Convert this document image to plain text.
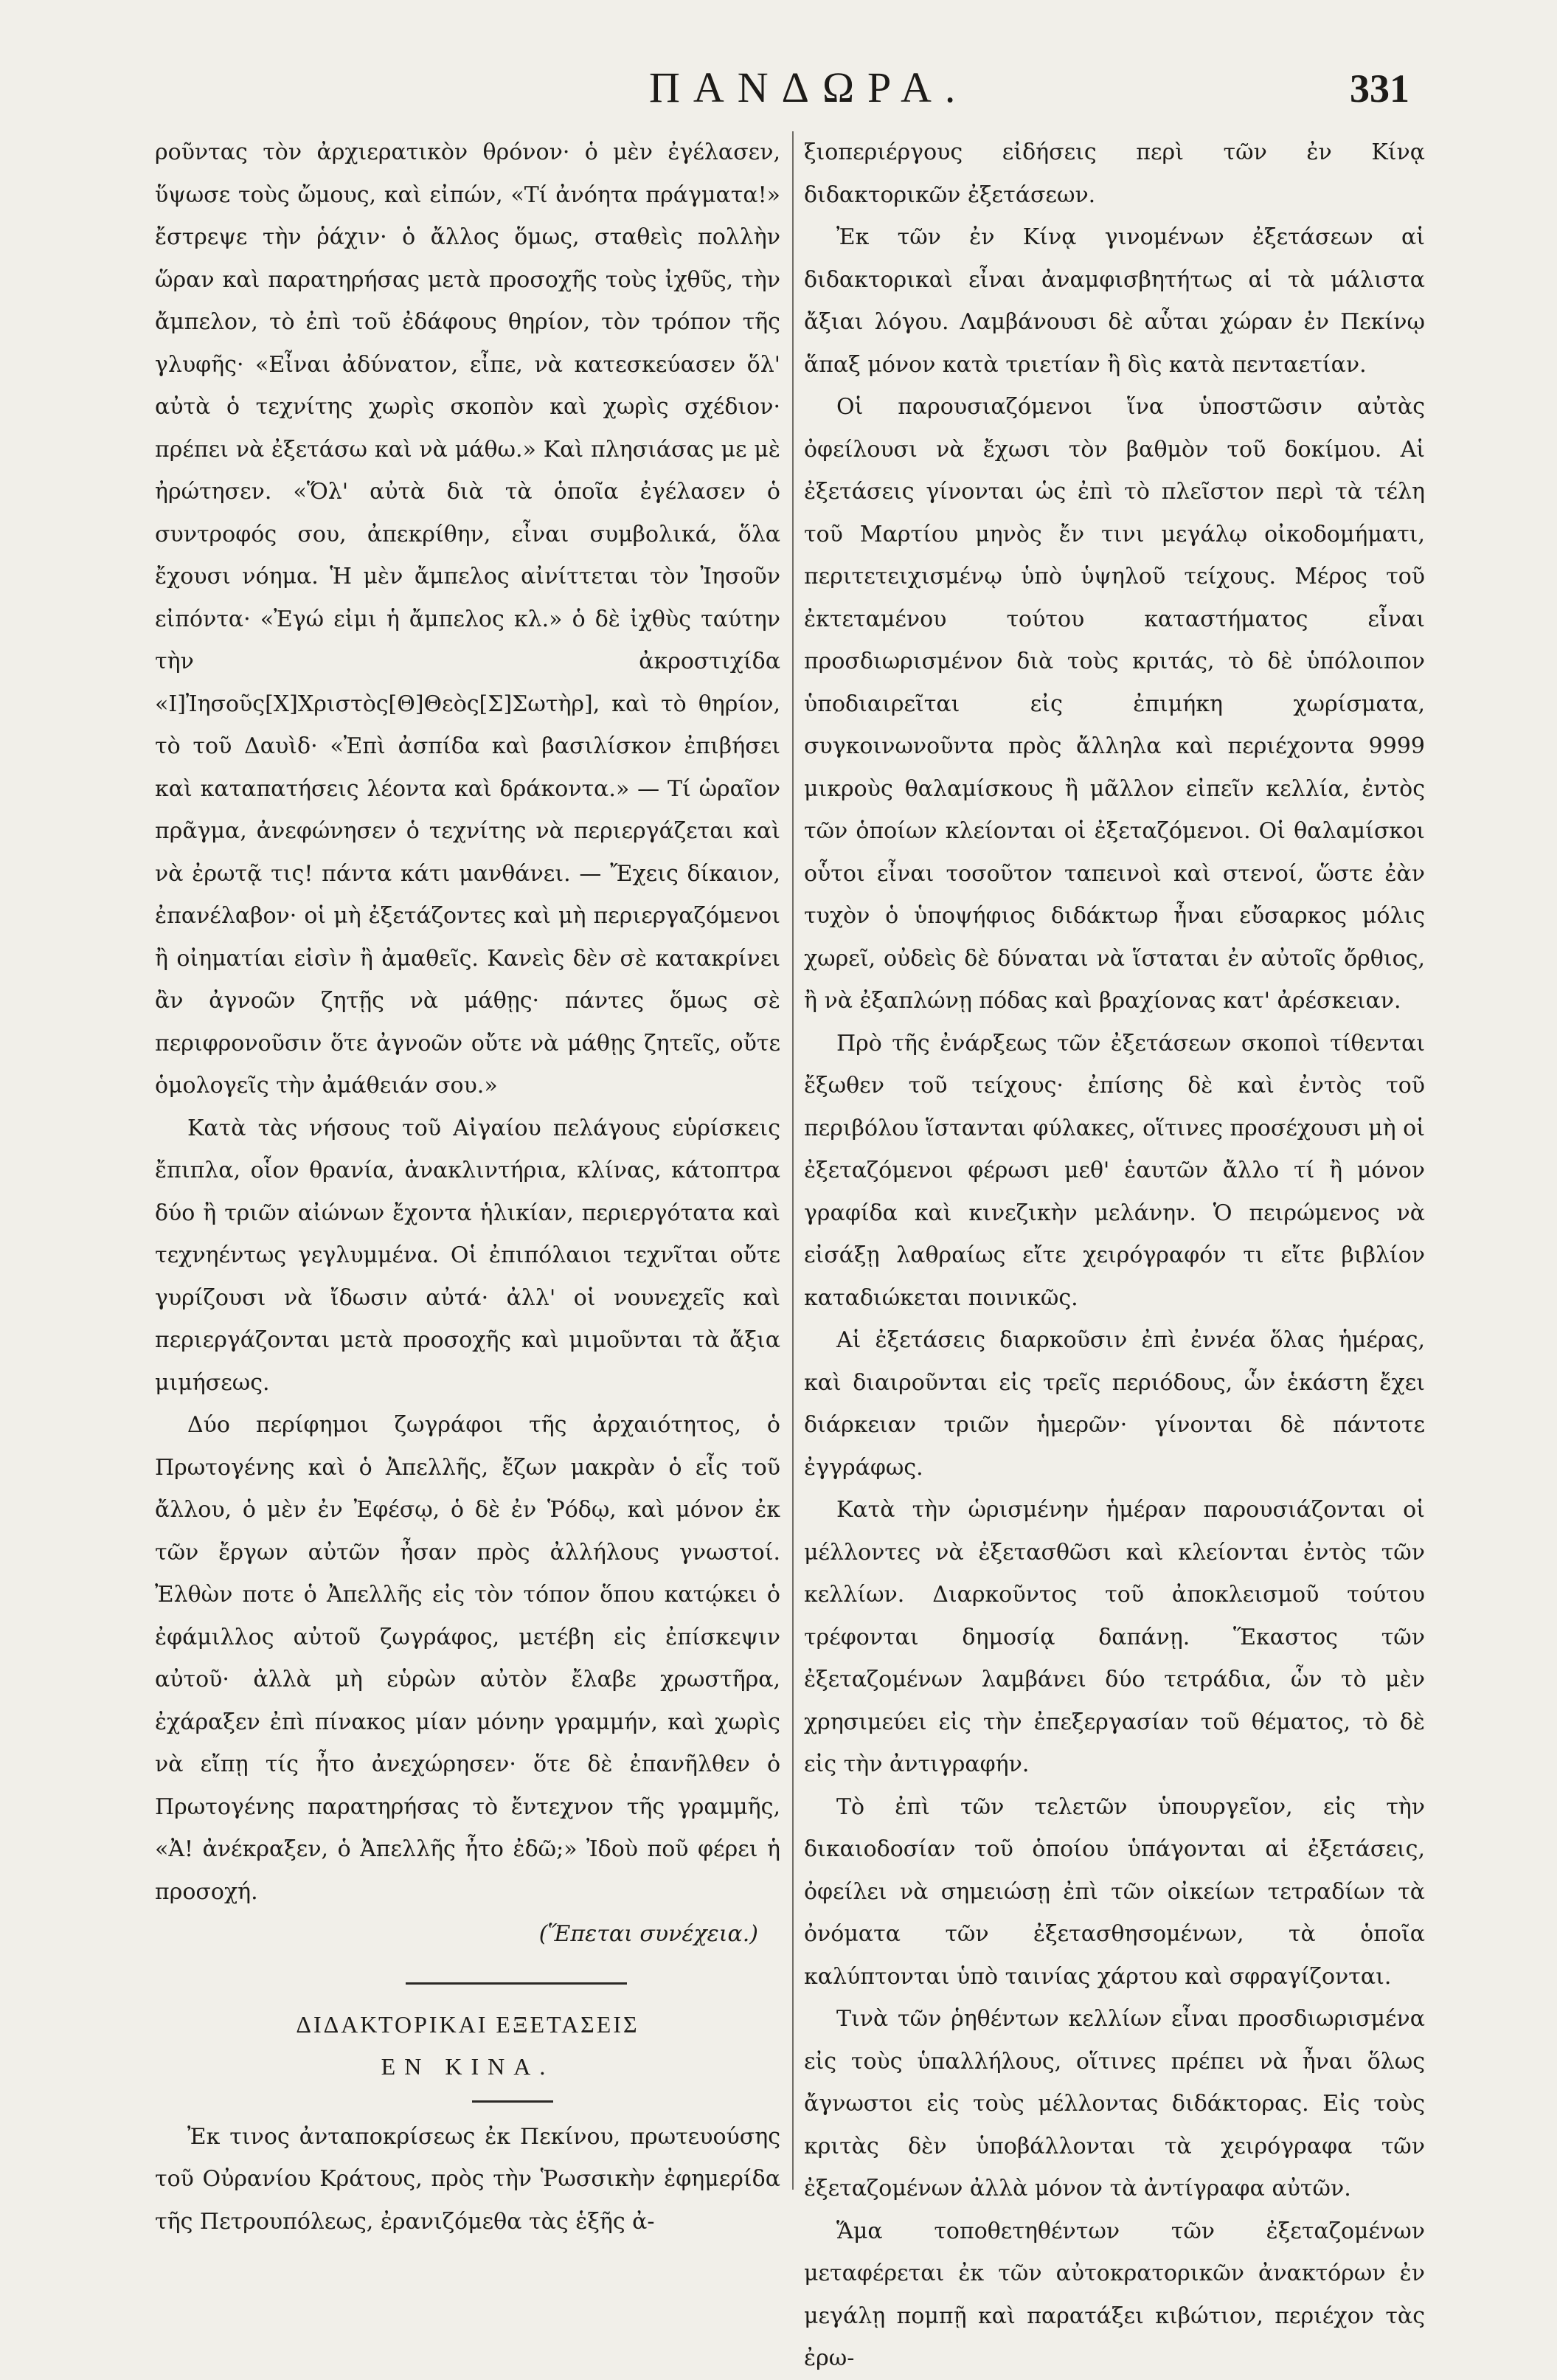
ΠΑΝΔΩΡΑ.	331

ροῦντας τὸν ἀρχιερατικὸν θρόνον· ὁ μὲν ἐγέλασεν, ὕψωσε τοὺς ὤμους, καὶ εἰπών, «Τί ἀνόητα πράγματα!» ἔστρεψε τὴν ῥάχιν· ὁ ἄλλος ὅμως, σταθεὶς πολλὴν ὥραν καὶ παρατηρήσας μετὰ προσοχῆς τοὺς ἰχθῦς, τὴν ἄμπελον, τὸ ἐπὶ τοῦ ἐδάφους θηρίον, τὸν τρόπον τῆς γλυφῆς· «Εἶναι ἀδύνατον, εἶπε, νὰ κατεσκεύασεν ὅλ' αὐτὰ ὁ τεχνίτης χωρὶς σκοπὸν καὶ χωρὶς σχέδιον· πρέπει νὰ ἐξετάσω καὶ νὰ μάθω.» Καὶ πλησιάσας με μὲ ἠρώτησεν. «Ὅλ' αὐτὰ διὰ τὰ ὁποῖα ἐγέλασεν ὁ συντροφός σου, ἀπεκρίθην, εἶναι συμβολικά, ὅλα ἔχουσι νόημα. Ἡ μὲν ἄμπελος αἰνίττεται τὸν Ἰησοῦν εἰπόντα· «Ἐγώ εἰμι ἡ ἄμπελος κλ.» ὁ δὲ ἰχθὺς ταύτην τὴν ἀκροστιχίδα «Ι]Ἰησοῦς[Χ]Χριστὸς[Θ]Θεὸς[Σ]Σωτὴρ], καὶ τὸ θηρίον, τὸ τοῦ Δαυὶδ· «Ἐπὶ ἀσπίδα καὶ βασιλίσκον ἐπιβήσει καὶ καταπατήσεις λέοντα καὶ δράκοντα.» — Τί ὡραῖον πρᾶγμα, ἀνεφώνησεν ὁ τεχνίτης νὰ περιεργάζεται καὶ νὰ ἐρωτᾷ τις! πάντα κάτι μανθάνει. — Ἔχεις δίκαιον, ἐπανέλαβον· οἱ μὴ ἐξετάζοντες καὶ μὴ περιεργαζόμενοι ἢ οἰηματίαι εἰσὶν ἢ ἀμαθεῖς. Κανεὶς δὲν σὲ κατακρίνει ἂν ἀγνοῶν ζητῇς νὰ μάθῃς· πάντες ὅμως σὲ περιφρονοῦσιν ὅτε ἀγνοῶν οὔτε νὰ μάθῃς ζητεῖς, οὔτε ὁμολογεῖς τὴν ἀμάθειάν σου.»

Κατὰ τὰς νήσους τοῦ Αἰγαίου πελάγους εὑρίσκεις ἔπιπλα, οἷον θρανία, ἀνακλιντήρια, κλίνας, κάτοπτρα δύο ἢ τριῶν αἰώνων ἔχοντα ἡλικίαν, περιεργότατα καὶ τεχνηέντως γεγλυμμένα. Οἱ ἐπιπόλαιοι τεχνῖται οὔτε γυρίζουσι νὰ ἴδωσιν αὐτά· ἀλλ' οἱ νουνεχεῖς καὶ περιεργάζονται μετὰ προσοχῆς καὶ μιμοῦνται τὰ ἄξια μιμήσεως.

Δύο περίφημοι ζωγράφοι τῆς ἀρχαιότητος, ὁ Πρωτογένης καὶ ὁ Ἀπελλῆς, ἔζων μακρὰν ὁ εἷς τοῦ ἄλλου, ὁ μὲν ἐν Ἐφέσῳ, ὁ δὲ ἐν Ῥόδῳ, καὶ μόνον ἐκ τῶν ἔργων αὐτῶν ἦσαν πρὸς ἀλλήλους γνωστοί. Ἐλθὼν ποτε ὁ Ἀπελλῆς εἰς τὸν τόπον ὅπου κατῴκει ὁ ἐφάμιλλος αὐτοῦ ζωγράφος, μετέβη εἰς ἐπίσκεψιν αὐτοῦ· ἀλλὰ μὴ εὑρὼν αὐτὸν ἔλαβε χρωστῆρα, ἐχάραξεν ἐπὶ πίνακος μίαν μόνην γραμμήν, καὶ χωρὶς νὰ εἴπῃ τίς ἦτο ἀνεχώρησεν· ὅτε δὲ ἐπανῆλθεν ὁ Πρωτογένης παρατηρήσας τὸ ἔντεχνον τῆς γραμμῆς, «Ἀ! ἀνέκραξεν, ὁ Ἀπελλῆς ἦτο ἐδῶ;» Ἰδοὺ ποῦ φέρει ἡ προσοχή.

(Ἕπεται συνέχεια.)

ΔΙΔΑΚΤΟΡΙΚΑΙ ΕΞΕΤΑΣΕΙΣ

ΕΝ ΚΙΝΑ.

Ἐκ τινος ἀνταποκρίσεως ἐκ Πεκίνου, πρωτευούσης τοῦ Οὐρανίου Κράτους, πρὸς τὴν Ῥωσσικὴν ἐφημερίδα τῆς Πετρουπόλεως, ἐρανιζόμεθα τὰς ἑξῆς ἀ-

ξιοπεριέργους εἰδήσεις περὶ τῶν ἐν Κίνᾳ διδακτορικῶν ἐξετάσεων.

Ἐκ τῶν ἐν Κίνᾳ γινομένων ἐξετάσεων αἱ διδακτορικαὶ εἶναι ἀναμφισβητήτως αἱ τὰ μάλιστα ἄξιαι λόγου. Λαμβάνουσι δὲ αὗται χώραν ἐν Πεκίνῳ ἅπαξ μόνον κατὰ τριετίαν ἢ δὶς κατὰ πενταετίαν.

Οἱ παρουσιαζόμενοι ἵνα ὑποστῶσιν αὐτὰς ὀφείλουσι νὰ ἔχωσι τὸν βαθμὸν τοῦ δοκίμου. Αἱ ἐξετάσεις γίνονται ὡς ἐπὶ τὸ πλεῖστον περὶ τὰ τέλη τοῦ Μαρτίου μηνὸς ἔν τινι μεγάλῳ οἰκοδομήματι, περιτετειχισμένῳ ὑπὸ ὑψηλοῦ τείχους. Μέρος τοῦ ἐκτεταμένου τούτου καταστήματος εἶναι προσδιωρισμένον διὰ τοὺς κριτάς, τὸ δὲ ὑπόλοιπον ὑποδιαιρεῖται εἰς ἐπιμήκη χωρίσματα, συγκοινωνοῦντα πρὸς ἄλληλα καὶ περιέχοντα 9999 μικροὺς θαλαμίσκους ἢ μᾶλλον εἰπεῖν κελλία, ἐντὸς τῶν ὁποίων κλείονται οἱ ἐξεταζόμενοι. Οἱ θαλαμίσκοι οὗτοι εἶναι τοσοῦτον ταπεινοὶ καὶ στενοί, ὥστε ἐὰν τυχὸν ὁ ὑποψήφιος διδάκτωρ ἦναι εὔσαρκος μόλις χωρεῖ, οὐδεὶς δὲ δύναται νὰ ἵσταται ἐν αὐτοῖς ὄρθιος, ἢ νὰ ἐξαπλώνῃ πόδας καὶ βραχίονας κατ' ἀρέσκειαν.

Πρὸ τῆς ἐνάρξεως τῶν ἐξετάσεων σκοποὶ τίθενται ἔξωθεν τοῦ τείχους· ἐπίσης δὲ καὶ ἐντὸς τοῦ περιβόλου ἵστανται φύλακες, οἵτινες προσέχουσι μὴ οἱ ἐξεταζόμενοι φέρωσι μεθ' ἑαυτῶν ἄλλο τί ἢ μόνον γραφίδα καὶ κινεζικὴν μελάνην. Ὁ πειρώμενος νὰ εἰσάξῃ λαθραίως εἴτε χειρόγραφόν τι εἴτε βιβλίον καταδιώκεται ποινικῶς.

Αἱ ἐξετάσεις διαρκοῦσιν ἐπὶ ἐννέα ὅλας ἡμέρας, καὶ διαιροῦνται εἰς τρεῖς περιόδους, ὧν ἑκάστη ἔχει διάρκειαν τριῶν ἡμερῶν· γίνονται δὲ πάντοτε ἐγγράφως.

Κατὰ τὴν ὡρισμένην ἡμέραν παρουσιάζονται οἱ μέλλοντες νὰ ἐξετασθῶσι καὶ κλείονται ἐντὸς τῶν κελλίων. Διαρκοῦντος τοῦ ἀποκλεισμοῦ τούτου τρέφονται δημοσίᾳ δαπάνῃ. Ἕκαστος τῶν ἐξεταζομένων λαμβάνει δύο τετράδια, ὧν τὸ μὲν χρησιμεύει εἰς τὴν ἐπεξεργασίαν τοῦ θέματος, τὸ δὲ εἰς τὴν ἀντιγραφήν.

Τὸ ἐπὶ τῶν τελετῶν ὑπουργεῖον, εἰς τὴν δικαιοδοσίαν τοῦ ὁποίου ὑπάγονται αἱ ἐξετάσεις, ὀφείλει νὰ σημειώσῃ ἐπὶ τῶν οἰκείων τετραδίων τὰ ὀνόματα τῶν ἐξετασθησομένων, τὰ ὁποῖα καλύπτονται ὑπὸ ταινίας χάρτου καὶ σφραγίζονται.

Τινὰ τῶν ῥηθέντων κελλίων εἶναι προσδιωρισμένα εἰς τοὺς ὑπαλλήλους, οἵτινες πρέπει νὰ ἦναι ὅλως ἄγνωστοι εἰς τοὺς μέλλοντας διδάκτορας. Εἰς τοὺς κριτὰς δὲν ὑποβάλλονται τὰ χειρόγραφα τῶν ἐξεταζομένων ἀλλὰ μόνον τὰ ἀντίγραφα αὐτῶν.

Ἅμα τοποθετηθέντων τῶν ἐξεταζομένων μεταφέρεται ἐκ τῶν αὐτοκρατορικῶν ἀνακτόρων ἐν μεγάλῃ πομπῇ καὶ παρατάξει κιβώτιον, περιέχον τὰς ἐρω-
